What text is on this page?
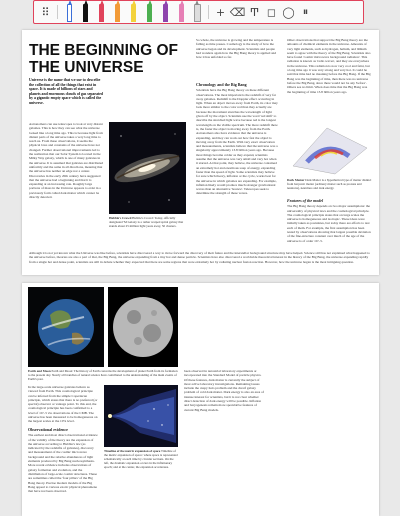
⠿	+ ⌫ Ͳ ◻ ◯ ⏸
THE BEGINNING OF THE UNIVERSE
Universe is the name that we use to describe the collection of all the things that exist in space. It is made of billions of stars and planets and enormous clouds of gas separated by a gigantic empty space which is called the universe.
Astronomers can use telescopes to look at very distant galaxies. This is how they can see what the universe looked like a long time ago. This is because light from distant parts of the universe takes a very long time to reach us. From these observations, it seems the physical laws and constants of the universe have not changed. Further observational improvements led to the realization that our Solar System is located in the Milky Way galaxy, which is one of many galaxies in the universe. It is assumed that galaxies are distributed uniformly and the same in all directions, meaning that the universe has neither an edge nor a center. Discoveries in the early 20th century have suggested that the universe had a beginning and that it is expanding at an increasing rate. Roughly large portions of mass in the Universe appears to exist in a previously form called dark matter which cannot be directly detected.
Hubble's Crowd Hubble's Crowd: Today, officially designated 'M Galaxy is a rather warped spiral galaxy that stands about 25 million light years away, 50 clusters.
So whole, the universe is growing and the temperature is falling as time passes. Cosmology is the study of how the universe began and its development. Scientists and people had wonders again how the Big Bang theory is applied and how it has unfolded so far.
Chronology and the Big Bang
Scientists have the Big Bang theory on these different observations. The most important is the redshift of very far away galaxies. Redshift is the Doppler effect occurring in light. When an object moves away from Earth, its color may look more similar to the color red than they actually are because the movement stretches the wavelength of light given off by the object. Scientists use the word 'red shift' to describe the stretched light wave because red is the longest wavelength on the visible spectrum. The more redshift there is, the faster the object is moving away from the Earth. Astronomers also have evidence that the universe is expanding, and they can work out how fast the object is moving away from the Earth. With very exact observation and measurements, scientists believe that the universe was a singularity approximately 13.8 billion years ago. Because most things become colder as they expand, scientists assume that the universe was very small and very hot when it started. At that point, they believe, the universe contained an extremely hot and enormous soup of energy, expanding faster than the speed of light. Some scientists may believe for sure which theory, inflation or the cycle, works best for the universe in which galaxies are expanding. For example, inflation likely would produce much stronger gravitational waves than an alternative 'bounce'. Telescopes seek to determine the strength of these waves.
Other observations that support the Big Bang theory are the amounts of chemical elements in the universe. Amounts of very light elements, such as hydrogen, helium, and lithium seem to agree with the theory of the Big Bang. Scientists also have found 'cosmic microwave background radiation'. This radiation is known as 'radio waves', and they are everywhere in the universe. This radiation is now very cool and faint, but a long time ago it was very strong and very hot. It could be said that time had no meaning before the Big Bang. If the Big Bang was the beginning of time, then there was no universe before the Big Bang, since there would not be any 'before'. Others see no limit. When does time that the Big Bang was the beginning of time 13.8 billion years ago.
Dark Matter Dark Matter is a hypothetical type of matter distinct from baryonic matter (ordinary matter such as protons and neutrons), neutrinos and dark energy.
Features of the model
The Big Bang theory depends on two major assumptions: the universality of physical laws and the cosmological principle. The cosmological principle states that on large scales the universe is homogeneous and isotropic. These ideas were initially taken as postulates, but today there are efforts to test each of them. For example, the first assumption has been tested by observations showing that largest possible deviation of the fine-structure constant over much of the age of the universe is of order 10^-5.
Although it is not yet known what the Universe was like before, scientists have discovered a way to move forward the discovery of their future and the interstellar background structure may have helped. Science still has not explained what happened to the universe before, theories are also a part of that, the Big Bang, the universe expanding from a tiny hot and dense particle. Scientists have also discovered a worldwide theoretical interest in the history of the Big Bang, the universe expanding rapidly from a single hot and dense point, scientists are still in debate whether they expected that there are some regions that were extremely hot by radiating nuclear fusion reaction. However, how the universe began is the most intriguing question.
Earth and Moon Earth and Moon: The history of Earth concerns the development of planet Earth from its formation to the present day. Nearly all branches of natural science have contributed to the understanding of the main events of Earth's past.
In the large-scale universe galaxies behave as viewed from Earth. This cosmological principle can be inferred from the simple Copernican principle, which states that there is no preferred (or special) observer or vantage point. To this end, the cosmological principle has been confirmed to a level of 10^-5 via observations of the CMB. The universe has been measured to be homogeneous on the largest scales at the 10% level.
Observational evidence
The earliest and most direct observational evidence of the validity of the theory are the expansion of the universe according to Hubble's law (as indicated by the redshifts of galaxies), discovery and measurement of the cosmic microwave background and the relative abundances of light elements produced by Big Bang nucleosynthesis. More recent evidence includes observations of galaxy formation and evolution, and the distribution of large-scale cosmic structures. These are sometimes called the 'four pillars' of the Big Bang theory. Precise modern models of the Big Bang appeal to various exotic physical phenomena that have not been observed.
Timeline of the metric expansion of space Timeline of the metric expansion of space: where space is represented schematically at each time by circular sections. On the left, the dramatic expansion occurs in the inflationary epoch; and at the center, the expansion accelerates.
been observed in terrestrial laboratory experiments or incorporated into the Standard Model of particle physics. Of these features, dark matter is currently the subject of most active laboratory investigations. Remaining issues include the cuspy halo problem and the dwarf galaxy problem of cold dark matter. Dark energy is also an area of intense interest for scientists, but it is not clear whether direct detection of dark energy will be possible. Inflation and baryogenesis remain more speculative features of current Big Bang models.
